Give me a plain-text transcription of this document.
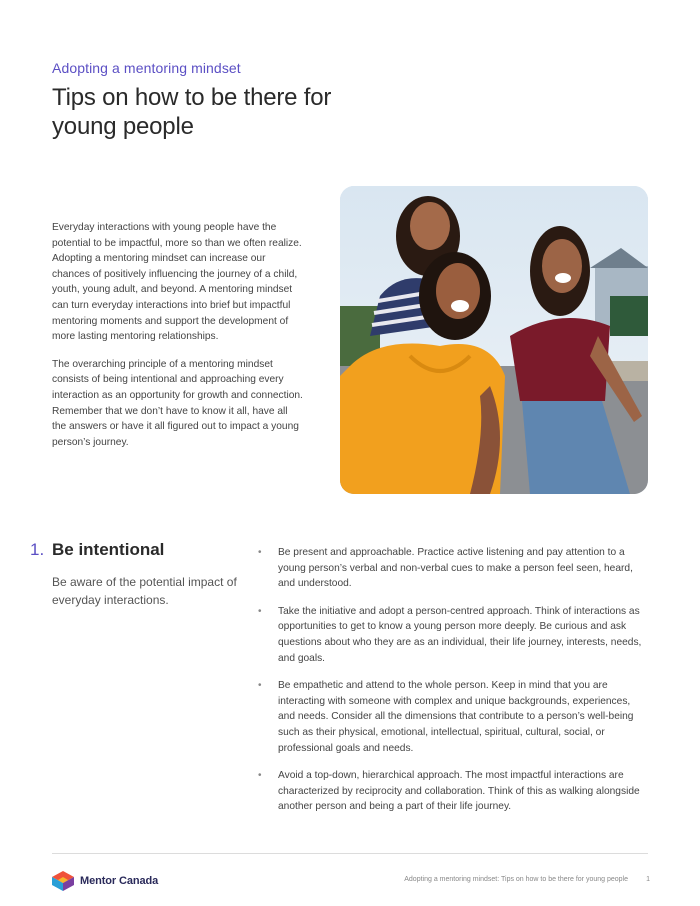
Adopting a mentoring mindset
Tips on how to be there for young people

Everyday interactions with young people have the potential to be impactful, more so than we often realize. Adopting a mentoring mindset can increase our chances of positively influencing the journey of a child, youth, young adult, and beyond. A mentoring mindset can turn everyday interactions into brief but impactful mentoring moments and support the development of more lasting mentoring relationships.

The overarching principle of a mentoring mindset consists of being intentional and approaching every interaction as an opportunity for growth and connection. Remember that we don’t have to know it all, have all the answers or have it all figured out to impact a young person’s journey.

1. Be intentional
Be aware of the potential impact of everyday interactions.
• Be present and approachable. Practice active listening and pay attention to a young person’s verbal and non-verbal cues to make a person feel seen, heard, and understood.
• Take the initiative and adopt a person-centred approach. Think of interactions as opportunities to get to know a young person more deeply. Be curious and ask questions about who they are as an individual, their life journey, interests, needs, and goals.
• Be empathetic and attend to the whole person. Keep in mind that you are interacting with someone with complex and unique backgrounds, experiences, and needs. Consider all the dimensions that contribute to a person’s well-being such as their physical, emotional, intellectual, spiritual, cultural, social, or professional goals and needs.
• Avoid a top-down, hierarchical approach. The most impactful interactions are characterized by reciprocity and collaboration. Think of this as walking alongside another person and being a part of their life journey.
Mentor Canada	Adopting a mentoring mindset: Tips on how to be there for young people	1
